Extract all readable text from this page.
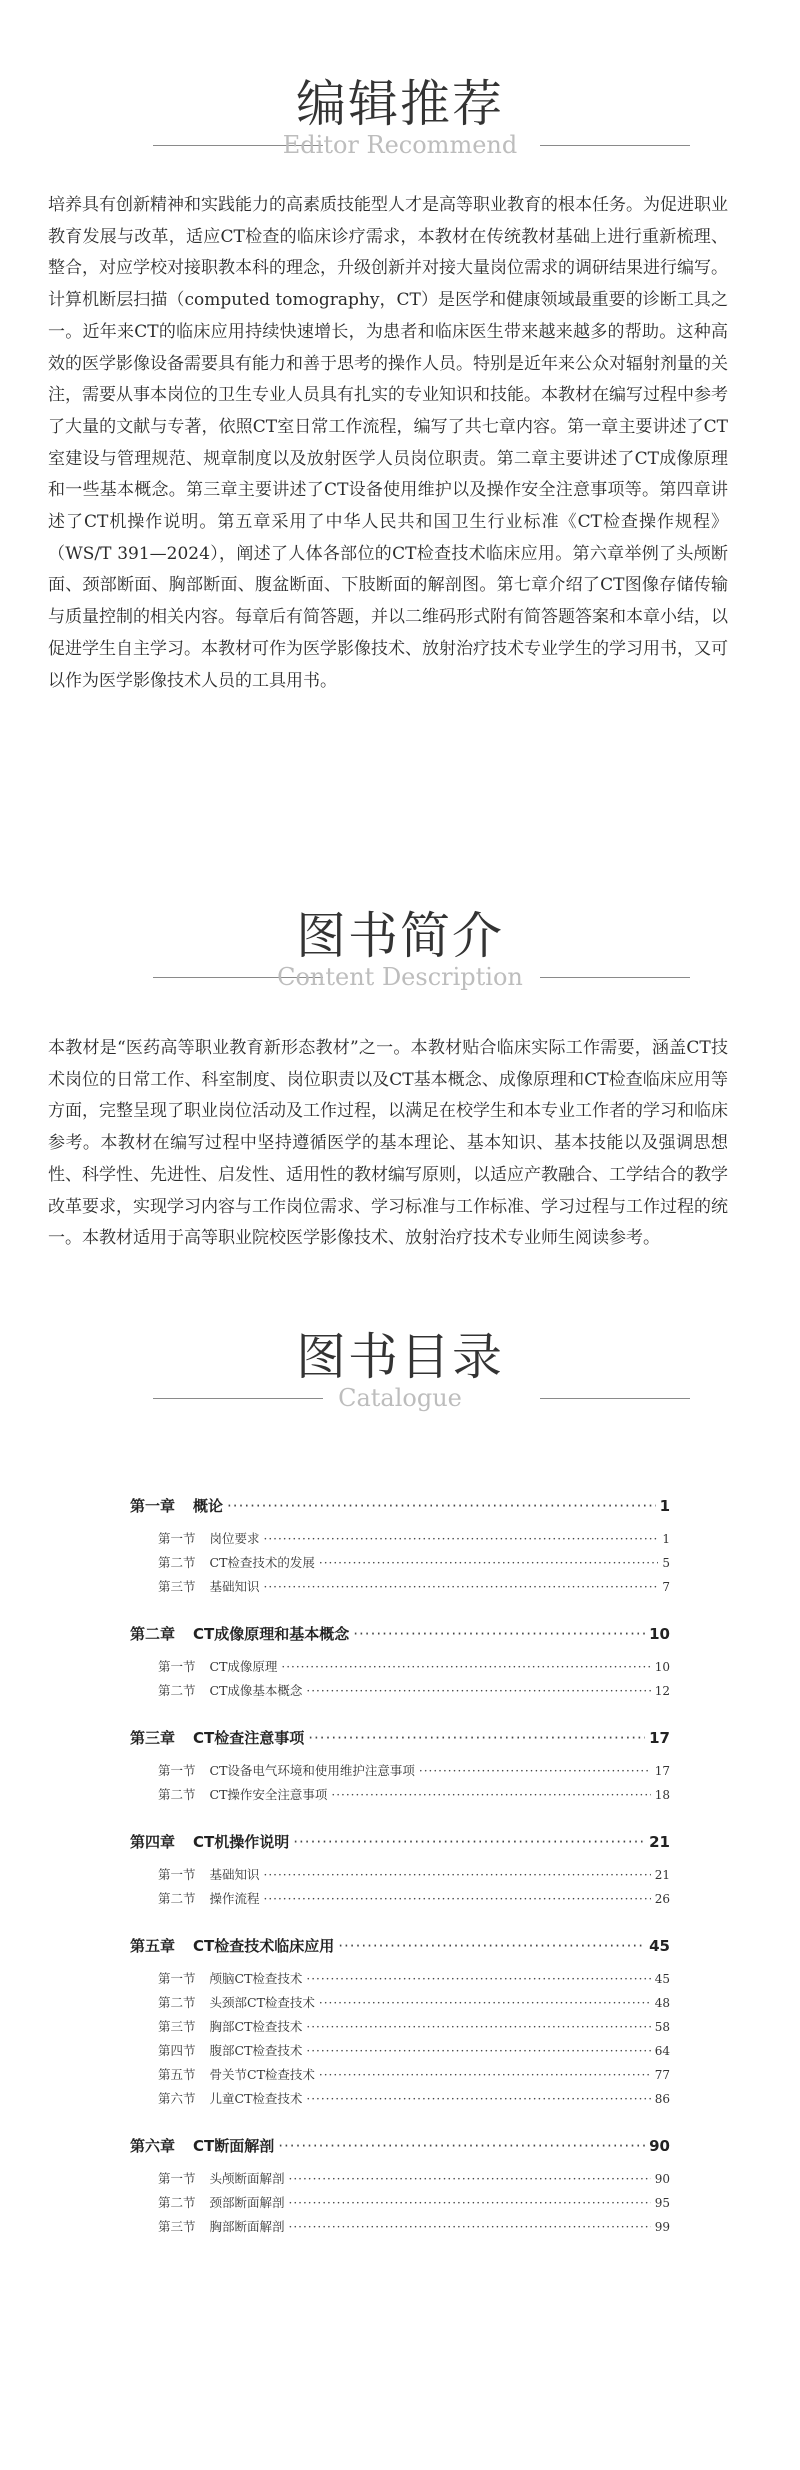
编辑推荐
Editor Recommend

培养具有创新精神和实践能力的高素质技能型人才是高等职业教育的根本任务。为促进职业教育发展与改革，适应CT检查的临床诊疗需求，本教材在传统教材基础上进行重新梳理、整合，对应学校对接职教本科的理念，升级创新并对接大量岗位需求的调研结果进行编写。计算机断层扫描（computed tomography，CT）是医学和健康领域最重要的诊断工具之一。近年来CT的临床应用持续快速增长，为患者和临床医生带来越来越多的帮助。这种高效的医学影像设备需要具有能力和善于思考的操作人员。特别是近年来公众对辐射剂量的关注，需要从事本岗位的卫生专业人员具有扎实的专业知识和技能。本教材在编写过程中参考了大量的文献与专著，依照CT室日常工作流程，编写了共七章内容。第一章主要讲述了CT室建设与管理规范、规章制度以及放射医学人员岗位职责。第二章主要讲述了CT成像原理和一些基本概念。第三章主要讲述了CT设备使用维护以及操作安全注意事项等。第四章讲述了CT机操作说明。第五章采用了中华人民共和国卫生行业标准《CT检查操作规程》（WS/T 391—2024），阐述了人体各部位的CT检查技术临床应用。第六章举例了头颅断面、颈部断面、胸部断面、腹盆断面、下肢断面的解剖图。第七章介绍了CT图像存储传输与质量控制的相关内容。每章后有简答题，并以二维码形式附有简答题答案和本章小结，以促进学生自主学习。本教材可作为医学影像技术、放射治疗技术专业学生的学习用书，又可以作为医学影像技术人员的工具用书。

图书简介
Content Description

本教材是“医药高等职业教育新形态教材”之一。本教材贴合临床实际工作需要，涵盖CT技术岗位的日常工作、科室制度、岗位职责以及CT基本概念、成像原理和CT检查临床应用等方面，完整呈现了职业岗位活动及工作过程，以满足在校学生和本专业工作者的学习和临床参考。本教材在编写过程中坚持遵循医学的基本理论、基本知识、基本技能以及强调思想性、科学性、先进性、启发性、适用性的教材编写原则，以适应产教融合、工学结合的教学改革要求，实现学习内容与工作岗位需求、学习标准与工作标准、学习过程与工作过程的统一。本教材适用于高等职业院校医学影像技术、放射治疗技术专业师生阅读参考。

图书目录
Catalogue
第一章 概论 ·····	1
第一节 岗位要求 ·····	1
第二节 CT检查技术的发展 ·····	5
第三节 基础知识 ·····	7
第二章 CT成像原理和基本概念 ·····	10
第一节 CT成像原理 ·····	10
第二节 CT成像基本概念 ·····	12
第三章 CT检查注意事项 ·····	17
第一节 CT设备电气环境和使用维护注意事项 ·····	17
第二节 CT操作安全注意事项 ·····	18
第四章 CT机操作说明 ·····	21
第一节 基础知识 ·····	21
第二节 操作流程 ·····	26
第五章 CT检查技术临床应用 ·····	45
第一节 颅脑CT检查技术 ·····	45
第二节 头颈部CT检查技术 ·····	48
第三节 胸部CT检查技术 ·····	58
第四节 腹部CT检查技术 ·····	64
第五节 骨关节CT检查技术 ·····	77
第六节 儿童CT检查技术 ·····	86
第六章 CT断面解剖 ·····	90
第一节 头颅断面解剖 ·····	90
第二节 颈部断面解剖 ·····	95
第三节 胸部断面解剖 ·····	99
